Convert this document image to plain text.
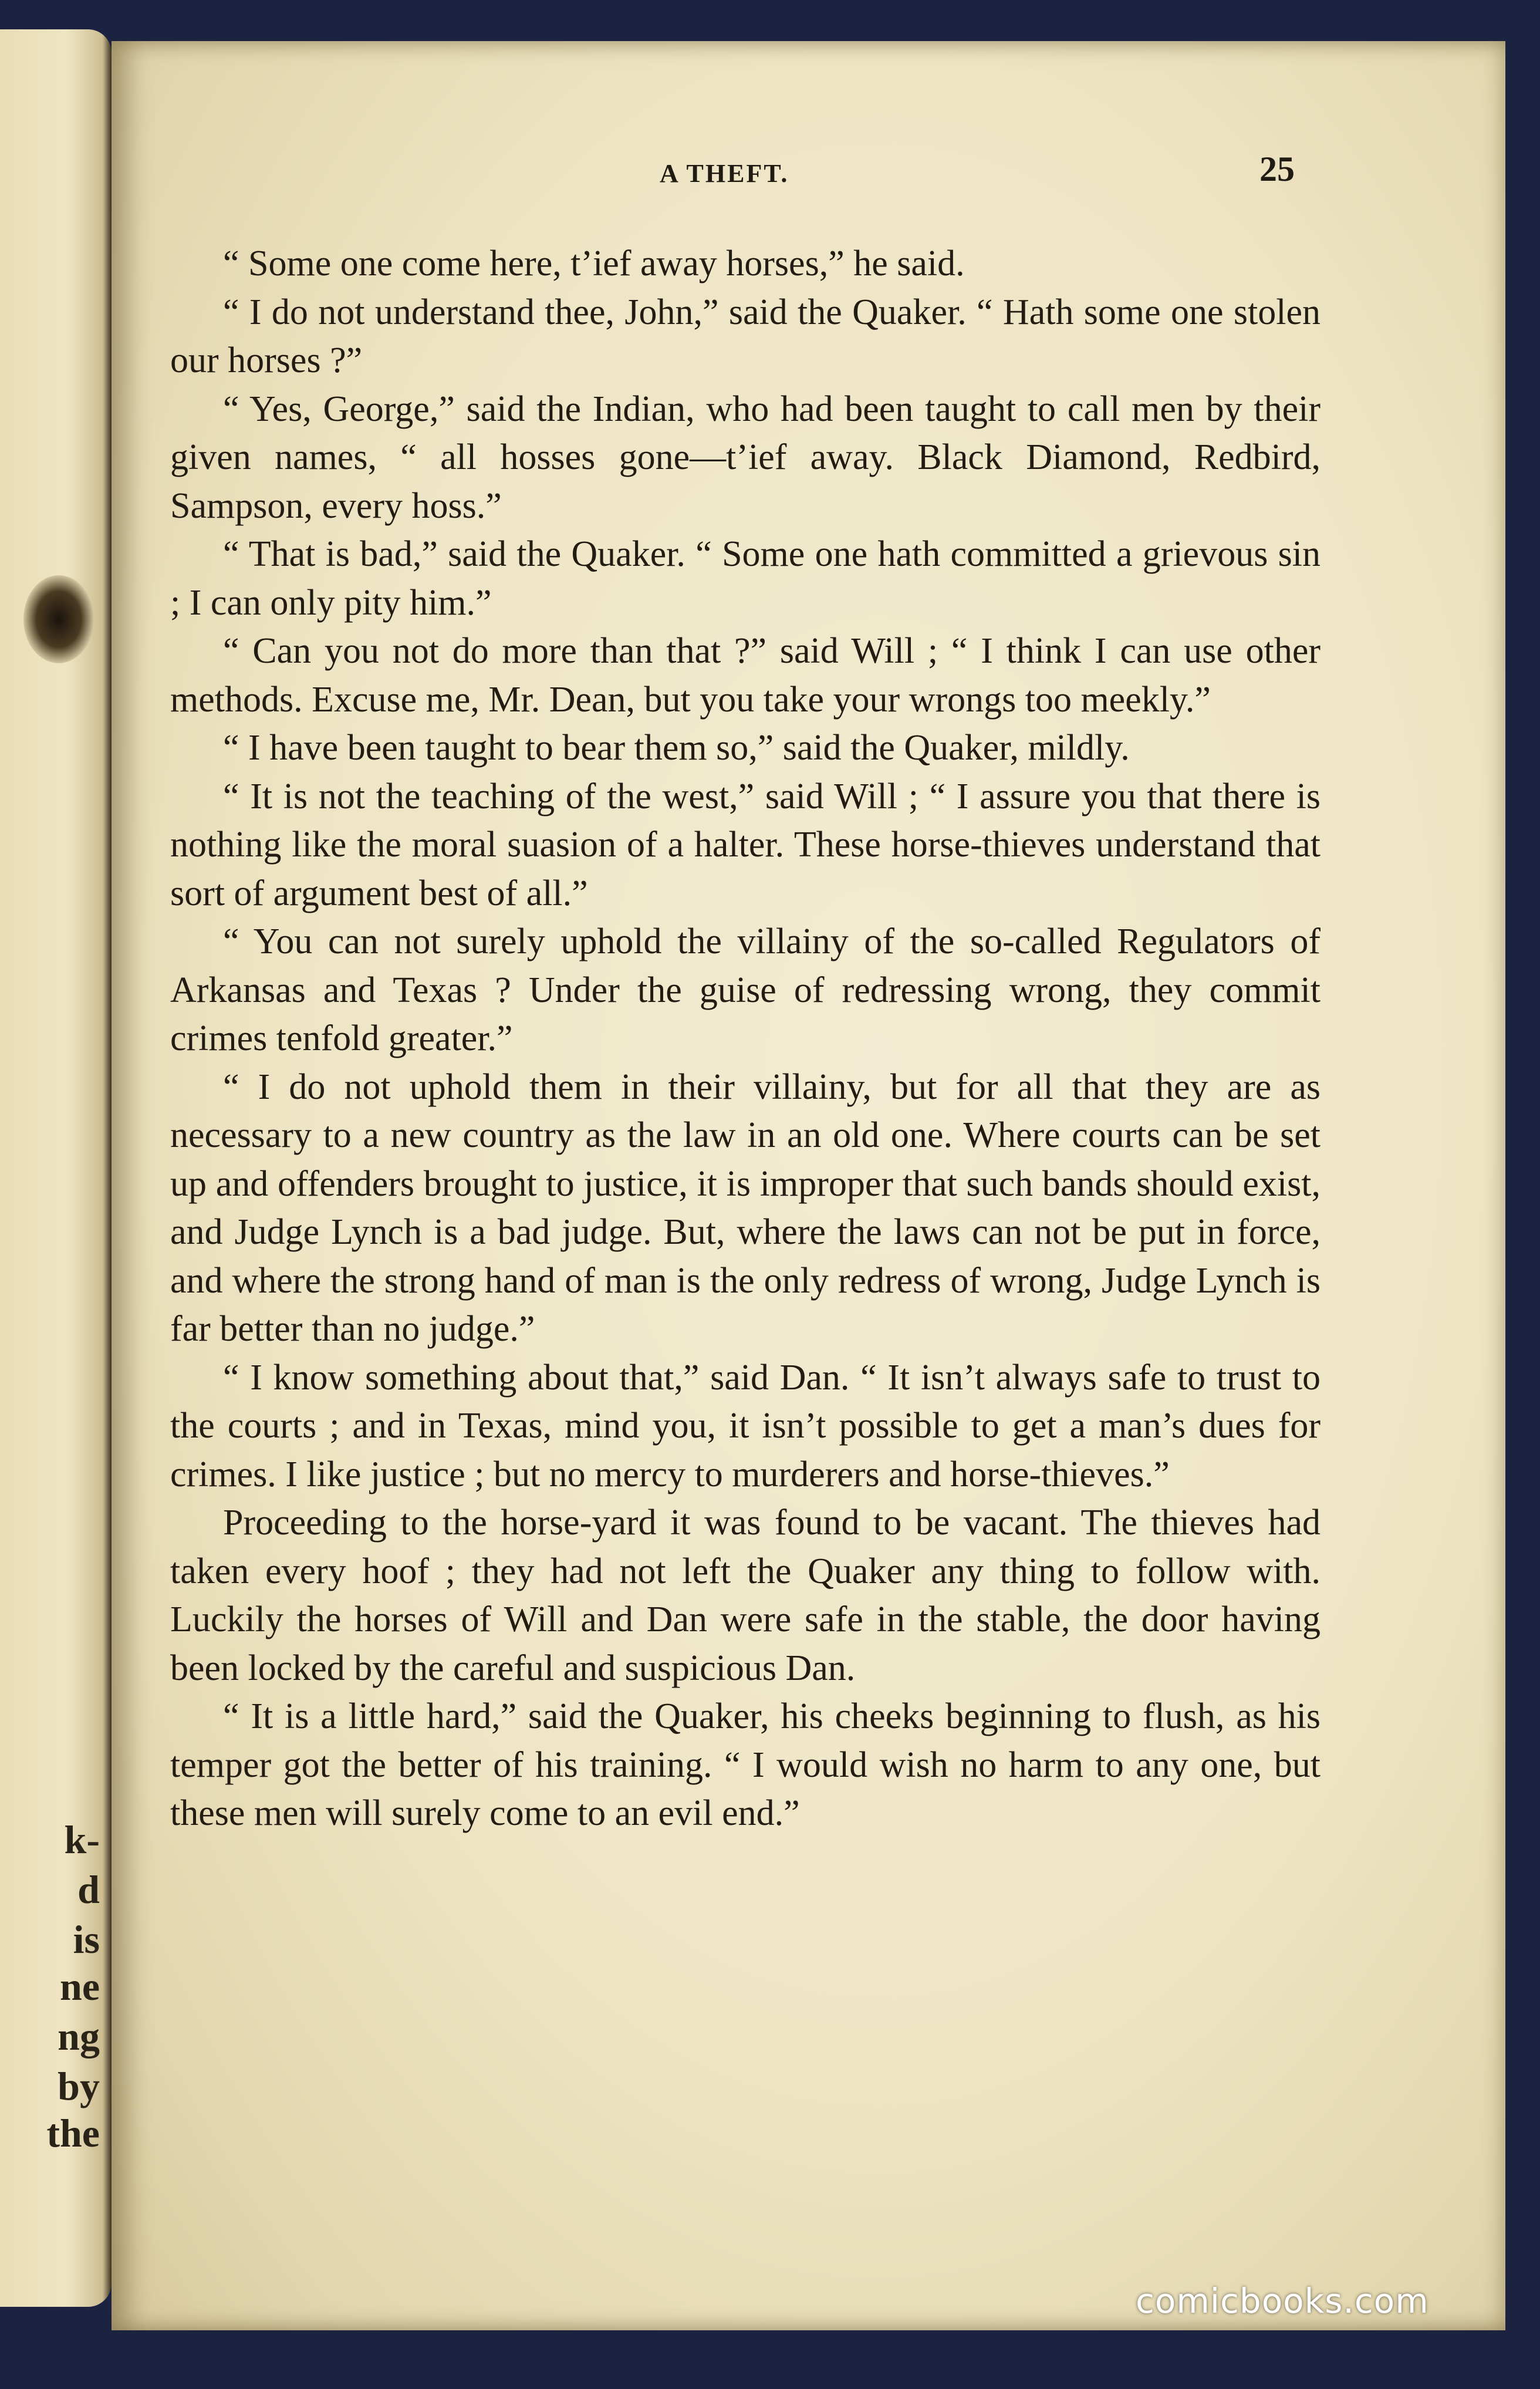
k-
d
is
ne
ng
by
the
A THEFT.	25

“ Some one come here, t’ief away horses,” he said.

“ I do not understand thee, John,” said the Quaker. “ Hath some one stolen our horses ?”

“ Yes, George,” said the Indian, who had been taught to call men by their given names, “ all hosses gone—t’ief away. Black Diamond, Redbird, Sampson, every hoss.”

“ That is bad,” said the Quaker. “ Some one hath committed a grievous sin ; I can only pity him.”

“ Can you not do more than that ?” said Will ; “ I think I can use other methods. Excuse me, Mr. Dean, but you take your wrongs too meekly.”

“ I have been taught to bear them so,” said the Quaker, mildly.

“ It is not the teaching of the west,” said Will ; “ I assure you that there is nothing like the moral suasion of a halter. These horse-thieves understand that sort of argument best of all.”

“ You can not surely uphold the villainy of the so-called Regulators of Arkansas and Texas ? Under the guise of redressing wrong, they commit crimes tenfold greater.”

“ I do not uphold them in their villainy, but for all that they are as necessary to a new country as the law in an old one. Where courts can be set up and offenders brought to justice, it is improper that such bands should exist, and Judge Lynch is a bad judge. But, where the laws can not be put in force, and where the strong hand of man is the only redress of wrong, Judge Lynch is far better than no judge.”

“ I know something about that,” said Dan. “ It isn’t always safe to trust to the courts ; and in Texas, mind you, it isn’t possible to get a man’s dues for crimes. I like justice ; but no mercy to murderers and horse-thieves.”

Proceeding to the horse-yard it was found to be vacant. The thieves had taken every hoof ; they had not left the Quaker any thing to follow with. Luckily the horses of Will and Dan were safe in the stable, the door having been locked by the careful and suspicious Dan.

“ It is a little hard,” said the Quaker, his cheeks beginning to flush, as his temper got the better of his training. “ I would wish no harm to any one, but these men will surely come to an evil end.”

comicbooks.com
